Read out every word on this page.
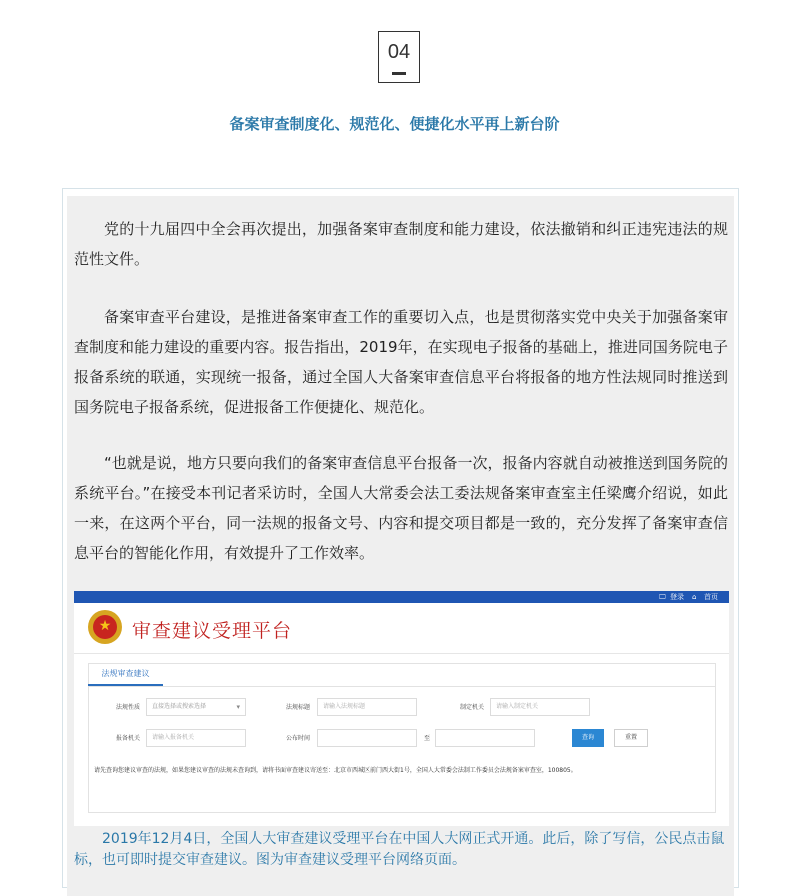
04
备案审查制度化、规范化、便捷化水平再上新台阶

党的十九届四中全会再次提出，加强备案审查制度和能力建设，依法撤销和纠正违宪违法的规范性文件。

备案审查平台建设，是推进备案审查工作的重要切入点，也是贯彻落实党中央关于加强备案审查制度和能力建设的重要内容。报告指出，2019年，在实现电子报备的基础上，推进同国务院电子报备系统的联通，实现统一报备，通过全国人大备案审查信息平台将报备的地方性法规同时推送到国务院电子报备系统，促进报备工作便捷化、规范化。

“也就是说，地方只要向我们的备案审查信息平台报备一次，报备内容就自动被推送到国务院的系统平台。”在接受本刊记者采访时，全国人大常委会法工委法规备案审查室主任梁鹰介绍说，如此一来，在这两个平台，同一法规的报备文号、内容和提交项目都是一致的，充分发挥了备案审查信息平台的智能化作用，有效提升了工作效率。

🖵 登录 ⌂ 首页
★	审查建议受理平台
法规审查建议
法规性质	直接选择或搜索选择	▾	法规标题	请输入法规标题	制定机关	请输入制定机关
报备机关	请输入报备机关	公布时间	至	查询	重置
请先查询您建议审查的法规，如果您建议审查的法规未查询到，请将书面审查建议寄送至：北京市西城区前门西大街1号，全国人大常委会法制工作委员会法规备案审查室，100805。

2019年12月4日，全国人大审查建议受理平台在中国人大网正式开通。此后，除了写信，公民点击鼠标，也可即时提交审查建议。图为审查建议受理平台网络页面。
